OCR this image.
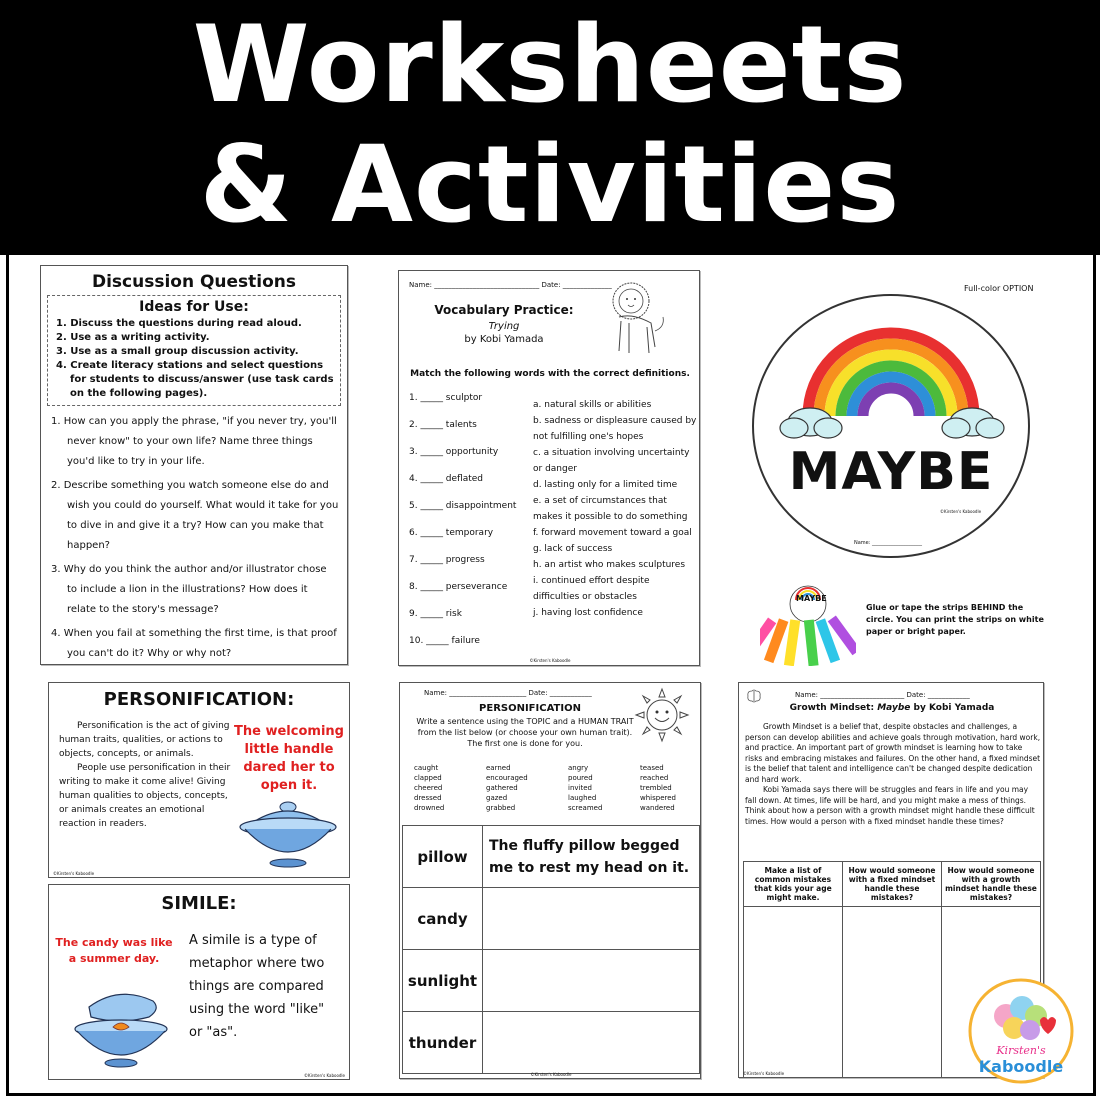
Worksheets
& Activities
Discussion Questions
Ideas for Use:
1. Discuss the questions during read aloud.
2. Use as a writing activity.
3. Use as a small group discussion activity.
4. Create literacy stations and select questions for students to discuss/answer (use task cards on the following pages).
1. How can you apply the phrase, "if you never try, you'll never know" to your own life? Name three things you'd like to try in your life.
2. Describe something you watch someone else do and wish you could do yourself. What would it take for you to dive in and give it a try? How can you make that happen?
3. Why do you think the author and/or illustrator chose to include a lion in the illustrations? How does it relate to the story's message?
4. When you fail at something the first time, is that proof you can't do it? Why or why not?
Name: ______________________________ Date: ______________
Vocabulary Practice:
Trying
by Kobi Yamada
Match the following words with the correct definitions.
1. _____ sculptor
2. _____ talents
3. _____ opportunity
4. _____ deflated
5. _____ disappointment
6. _____ temporary
7. _____ progress
8. _____ perseverance
9. _____ risk
10. _____ failure
a. natural skills or abilities
b. sadness or displeasure caused by not fulfilling one's hopes
c. a situation involving uncertainty or danger
d. lasting only for a limited time
e. a set of circumstances that makes it possible to do something
f. forward movement toward a goal
g. lack of success
h. an artist who makes sculptures
i. continued effort despite difficulties or obstacles
j. having lost confidence
©Kirsten's Kaboodle
Full-color OPTION
MAYBE
©Kirsten's Kaboodle
Name: ____________________
MAYBE
Glue or tape the strips BEHIND the circle. You can print the strips on white paper or bright paper.
PERSONIFICATION:

Personification is the act of giving human traits, qualities, or actions to objects, concepts, or animals.

People use personification in their writing to make it come alive! Giving human qualities to objects, concepts, or animals creates an emotional reaction in readers.

The welcoming little handle dared her to open it.
©Kirsten's Kaboodle
SIMILE:
The candy was like a summer day.
A simile is a type of metaphor where two things are compared using the word "like" or "as".
©Kirsten's Kaboodle
Name: ______________________ Date: ____________
PERSONIFICATION
Write a sentence using the TOPIC and a HUMAN TRAIT from the list below (or choose your own human trait). The first one is done for you.
caught
clapped
cheered
dressed
drowned
earned
encouraged
gathered
gazed
grabbed
angry
poured
invited
laughed
screamed
teased
reached
trembled
whispered
wandered
pillow	The fluffy pillow begged me to rest my head on it.
candy	
sunlight	
thunder	
©Kirsten's Kaboodle
Name: ________________________ Date: ____________
Growth Mindset: Maybe by Kobi Yamada

Growth Mindset is a belief that, despite obstacles and challenges, a person can develop abilities and achieve goals through motivation, hard work, and practice. An important part of growth mindset is learning how to take risks and embracing mistakes and failures. On the other hand, a fixed mindset is the belief that talent and intelligence can't be changed despite dedication and hard work.

Kobi Yamada says there will be struggles and fears in life and you may fall down. At times, life will be hard, and you might make a mess of things. Think about how a person with a growth mindset might handle these difficult times. How would a person with a fixed mindset handle these times?

Make a list of common mistakes that kids your age might make.	How would someone with a fixed mindset handle these mistakes?	How would someone with a growth mindset handle these mistakes?

©Kirsten's Kaboodle
Kirsten's
Kaboodle
